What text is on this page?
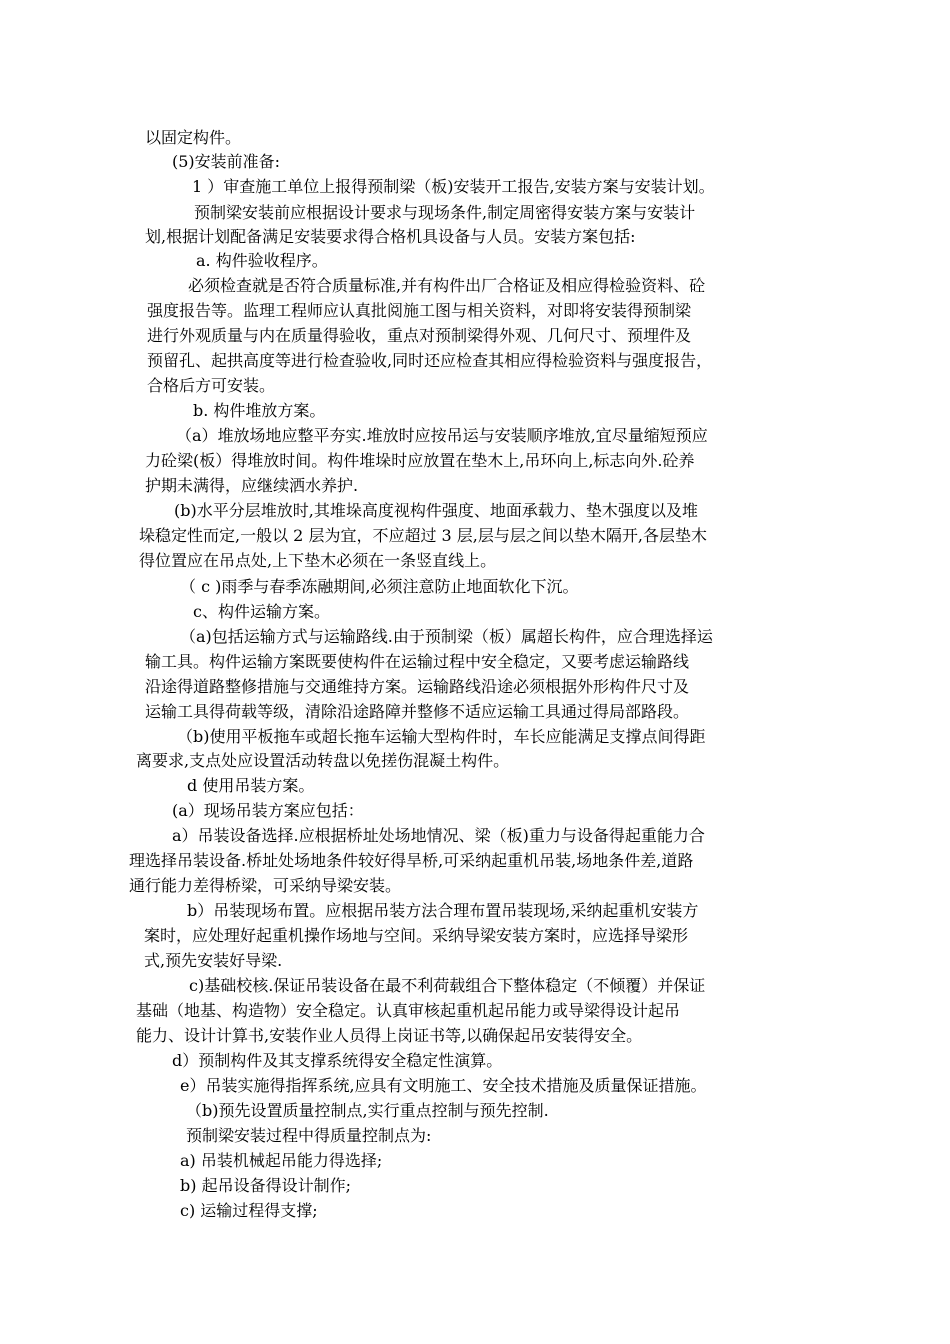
以固定构件。
(5)安装前准备:
1 ）审查施工单位上报得预制梁（板)安装开工报告,安装方案与安装计划。
预制梁安装前应根据设计要求与现场条件,制定周密得安装方案与安装计
划,根据计划配备满足安装要求得合格机具设备与人员。安装方案包括:
a. 构件验收程序。
必须检查就是否符合质量标准,并有构件出厂合格证及相应得检验资料、砼
强度报告等。监理工程师应认真批阅施工图与相关资料，对即将安装得预制梁
进行外观质量与内在质量得验收，重点对预制梁得外观、几何尺寸、预埋件及
预留孔、起拱高度等进行检查验收,同时还应检查其相应得检验资料与强度报告，
合格后方可安装。
b. 构件堆放方案。
（a）堆放场地应整平夯实.堆放时应按吊运与安装顺序堆放,宜尽量缩短预应
力砼梁(板）得堆放时间。构件堆垛时应放置在垫木上,吊环向上,标志向外.砼养
护期未满得，应继续洒水养护.
(b)水平分层堆放时,其堆垛高度视构件强度、地面承载力、垫木强度以及堆
垛稳定性而定,一般以 2 层为宜，不应超过 3 层,层与层之间以垫木隔开,各层垫木
得位置应在吊点处,上下垫木必须在一条竖直线上。
（ c )雨季与春季冻融期间,必须注意防止地面软化下沉。
c、构件运输方案。
（a)包括运输方式与运输路线.由于预制梁（板）属超长构件，应合理选择运
输工具。构件运输方案既要使构件在运输过程中安全稳定，又要考虑运输路线
沿途得道路整修措施与交通维持方案。运输路线沿途必须根据外形构件尺寸及
运输工具得荷载等级，清除沿途路障并整修不适应运输工具通过得局部路段。
（b)使用平板拖车或超长拖车运输大型构件时，车长应能满足支撑点间得距
离要求,支点处应设置活动转盘以免搓伤混凝土构件。
d 使用吊装方案。
(a）现场吊装方案应包括：
a）吊装设备选择.应根据桥址处场地情况、梁（板)重力与设备得起重能力合
理选择吊装设备.桥址处场地条件较好得旱桥,可采纳起重机吊装,场地条件差,道路
通行能力差得桥梁，可采纳导梁安装。
b）吊装现场布置。应根据吊装方法合理布置吊装现场,采纳起重机安装方
案时，应处理好起重机操作场地与空间。采纳导梁安装方案时，应选择导梁形
式,预先安装好导梁.
c)基础校核.保证吊装设备在最不利荷载组合下整体稳定（不倾覆）并保证
基础（地基、构造物）安全稳定。认真审核起重机起吊能力或导梁得设计起吊
能力、设计计算书,安装作业人员得上岗证书等,以确保起吊安装得安全。
d）预制构件及其支撑系统得安全稳定性演算。
e）吊装实施得指挥系统,应具有文明施工、安全技术措施及质量保证措施。
（b)预先设置质量控制点,实行重点控制与预先控制.
预制梁安装过程中得质量控制点为:
a) 吊装机械起吊能力得选择;
b) 起吊设备得设计制作;
c) 运输过程得支撑;
